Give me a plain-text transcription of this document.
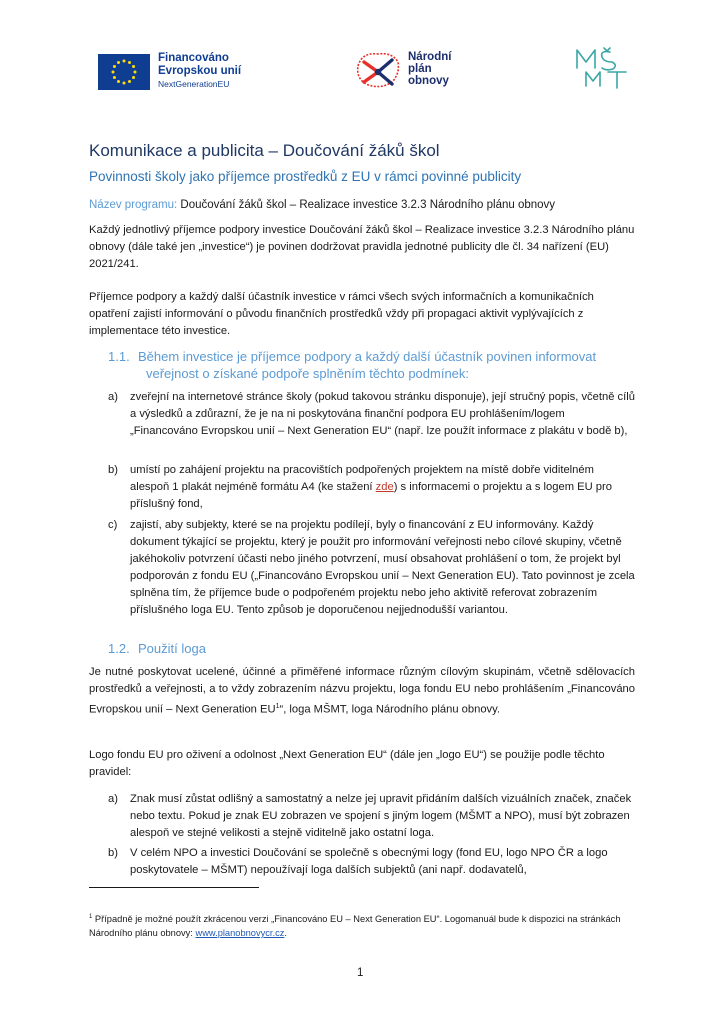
Financováno
Evropskou unií
NextGenerationEU
Národní
plán
obnovy
Komunikace a publicita – Doučování žáků škol
Povinnosti školy jako příjemce prostředků z EU v rámci povinné publicity
Název programu: Doučování žáků škol – Realizace investice 3.2.3 Národního plánu obnovy
Každý jednotlivý příjemce podpory investice Doučování žáků škol – Realizace investice 3.2.3 Národního plánu obnovy (dále také jen „investice“) je povinen dodržovat pravidla jednotné publicity dle čl. 34 nařízení (EU) 2021/241.
Příjemce podpory a každý další účastník investice v rámci všech svých informačních a komunikačních opatření zajistí informování o původu finančních prostředků vždy při propagaci aktivit vyplývajících z implementace této investice.
1.1. Během investice je příjemce podpory a každý další účastník povinen informovat
veřejnost o získané podpoře splněním těchto podmínek:
a) zveřejní na internetové stránce školy (pokud takovou stránku disponuje), její stručný popis, včetně cílů a výsledků a zdůrazní, že je na ni poskytována finanční podpora EU prohlášením/logem „Financováno Evropskou unií – Next Generation EU“ (např. lze použít informace z plakátu v bodě b),
b) umístí po zahájení projektu na pracovištích podpořených projektem na místě dobře viditelném alespoň 1 plakát nejméně formátu A4 (ke stažení zde) s informacemi o projektu a s logem EU pro příslušný fond,
c) zajistí, aby subjekty, které se na projektu podílejí, byly o financování z EU informovány. Každý dokument týkající se projektu, který je použit pro informování veřejnosti nebo cílové skupiny, včetně jakéhokoliv potvrzení účasti nebo jiného potvrzení, musí obsahovat prohlášení o tom, že projekt byl podporován z fondu EU („Financováno Evropskou unií – Next Generation EU). Tato povinnost je zcela splněna tím, že příjemce bude o podpořeném projektu nebo jeho aktivitě referovat zobrazením příslušného loga EU. Tento způsob je doporučenou nejjednodušší variantou.
1.2. Použití loga
Je nutné poskytovat ucelené, účinné a přiměřené informace různým cílovým skupinám, včetně sdělovacích prostředků a veřejnosti, a to vždy zobrazením názvu projektu, loga fondu EU nebo prohlášením „Financováno Evropskou unií – Next Generation $EU^1“$, loga MŠMT, loga Národního plánu obnovy.
Logo fondu EU pro oživení a odolnost „Next Generation EU“ (dále jen „logo EU“) se použije podle těchto pravidel:
a) Znak musí zůstat odlišný a samostatný a nelze jej upravit přidáním dalších vizuálních značek, značek nebo textu. Pokud je znak EU zobrazen ve spojení s jiným logem (MŠMT a NPO), musí být zobrazen alespoň ve stejné velikosti a stejně viditelně jako ostatní loga.
b) V celém NPO a investici Doučování se společně s obecnými logy (fond EU, logo NPO ČR a logo poskytovatele – MŠMT) nepoužívají loga dalších subjektů (ani např. dodavatelů,
$^1$ Případně je možné použít zkrácenou verzi „Financováno EU – Next Generation EU“. Logomanuál bude k dispozici na stránkách Národního plánu obnovy: www.planobnovycr.cz.
1
